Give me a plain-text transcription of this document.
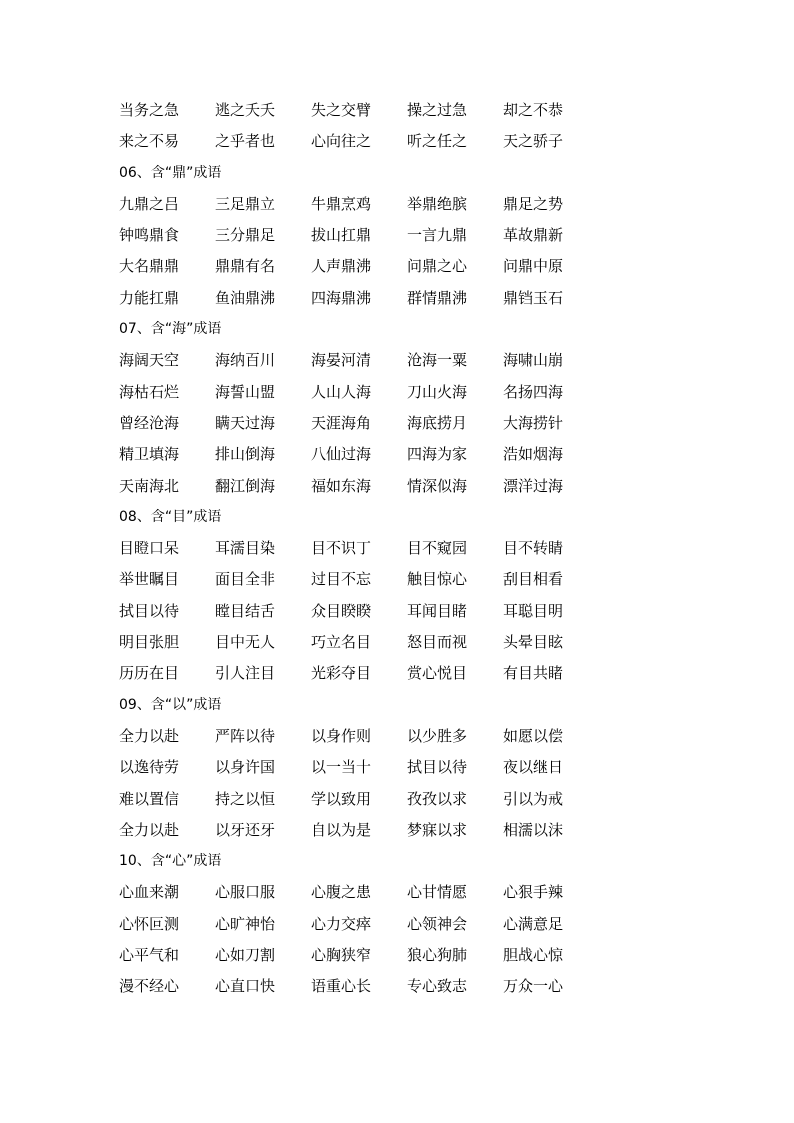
当务之急	逃之夭夭	失之交臂	操之过急	却之不恭
来之不易	之乎者也	心向往之	听之任之	天之骄子
06、含“鼎”成语
九鼎之吕	三足鼎立	牛鼎烹鸡	举鼎绝膑	鼎足之势
钟鸣鼎食	三分鼎足	拔山扛鼎	一言九鼎	革故鼎新
大名鼎鼎	鼎鼎有名	人声鼎沸	问鼎之心	问鼎中原
力能扛鼎	鱼油鼎沸	四海鼎沸	群情鼎沸	鼎铛玉石
07、含“海”成语
海阔天空	海纳百川	海晏河清	沧海一粟	海啸山崩
海枯石烂	海誓山盟	人山人海	刀山火海	名扬四海
曾经沧海	瞒天过海	天涯海角	海底捞月	大海捞针
精卫填海	排山倒海	八仙过海	四海为家	浩如烟海
天南海北	翻江倒海	福如东海	情深似海	漂洋过海
08、含“目”成语
目瞪口呆	耳濡目染	目不识丁	目不窥园	目不转睛
举世瞩目	面目全非	过目不忘	触目惊心	刮目相看
拭目以待	瞠目结舌	众目睽睽	耳闻目睹	耳聪目明
明目张胆	目中无人	巧立名目	怒目而视	头晕目眩
历历在目	引人注目	光彩夺目	赏心悦目	有目共睹
09、含“以”成语
全力以赴	严阵以待	以身作则	以少胜多	如愿以偿
以逸待劳	以身许国	以一当十	拭目以待	夜以继日
难以置信	持之以恒	学以致用	孜孜以求	引以为戒
全力以赴	以牙还牙	自以为是	梦寐以求	相濡以沫
10、含“心”成语
心血来潮	心服口服	心腹之患	心甘情愿	心狠手辣
心怀叵测	心旷神怡	心力交瘁	心领神会	心满意足
心平气和	心如刀割	心胸狭窄	狼心狗肺	胆战心惊
漫不经心	心直口快	语重心长	专心致志	万众一心
